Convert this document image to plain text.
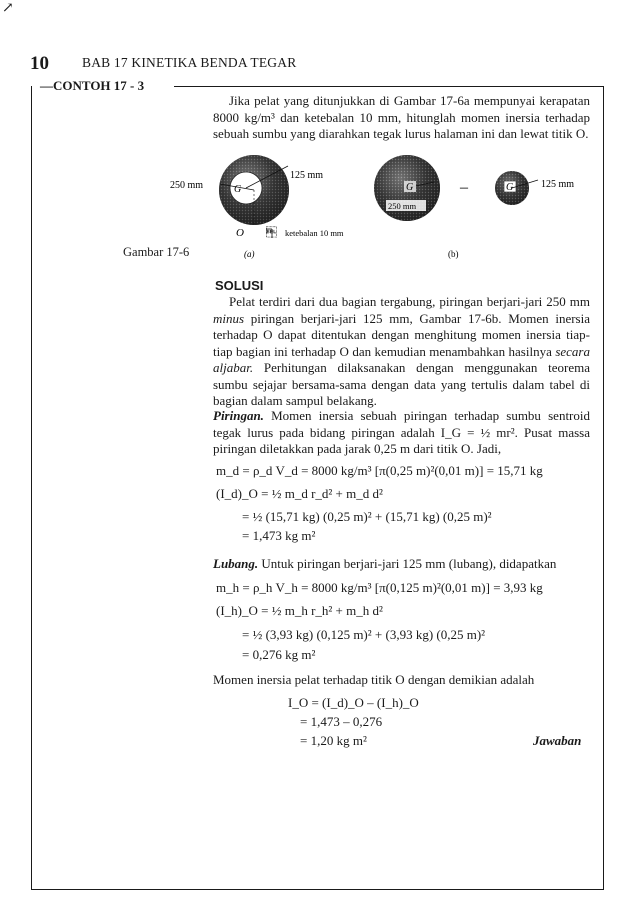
↗
10 BAB 17 KINETIKA BENDA TEGAR
—CONTOH 17 - 3
Jika pelat yang ditunjukkan di Gambar 17-6a mempunyai kerapatan 8000 kg/m³ dan ketebalan 10 mm, hitunglah momen inersia terhadap sebuah sumbu yang diarahkan tegak lurus halaman ini dan lewat titik O.
250 mm
125 mm
G
O  ketebalan 10 mm
(a)
250 mm
G	–	G	125 mm
(b)
Gambar 17-6
SOLUSI
Pelat terdiri dari dua bagian tergabung, piringan berjari-jari 250 mm minus piringan berjari-jari 125 mm, Gambar 17-6b. Momen inersia terhadap O dapat ditentukan dengan menghitung momen inersia tiap-tiap bagian ini terhadap O dan kemudian menambahkan hasilnya secara aljabar. Perhitungan dilaksanakan dengan menggunakan teorema sumbu sejajar bersama-sama dengan data yang tertulis dalam tabel di bagian dalam sampul belakang.
Piringan. Momen inersia sebuah piringan terhadap sumbu sentroid tegak lurus pada bidang piringan adalah I_G = ½ mr². Pusat massa piringan diletakkan pada jarak 0,25 m dari titik O. Jadi,
m_d = ρ_d V_d = 8000 kg/m³ [π(0,25 m)²(0,01 m)] = 15,71 kg
(I_d)_O = ½ m_d r_d² + m_d d²
= ½ (15,71 kg) (0,25 m)² + (15,71 kg) (0,25 m)²
= 1,473 kg m²
Lubang. Untuk piringan berjari-jari 125 mm (lubang), didapatkan
m_h = ρ_h V_h = 8000 kg/m³ [π(0,125 m)²(0,01 m)] = 3,93 kg
(I_h)_O = ½ m_h r_h² + m_h d²
= ½ (3,93 kg) (0,125 m)² + (3,93 kg) (0,25 m)²
= 0,276 kg m²
Momen inersia pelat terhadap titik O dengan demikian adalah
I_O = (I_d)_O – (I_h)_O
= 1,473 – 0,276
= 1,20 kg m²	Jawaban
